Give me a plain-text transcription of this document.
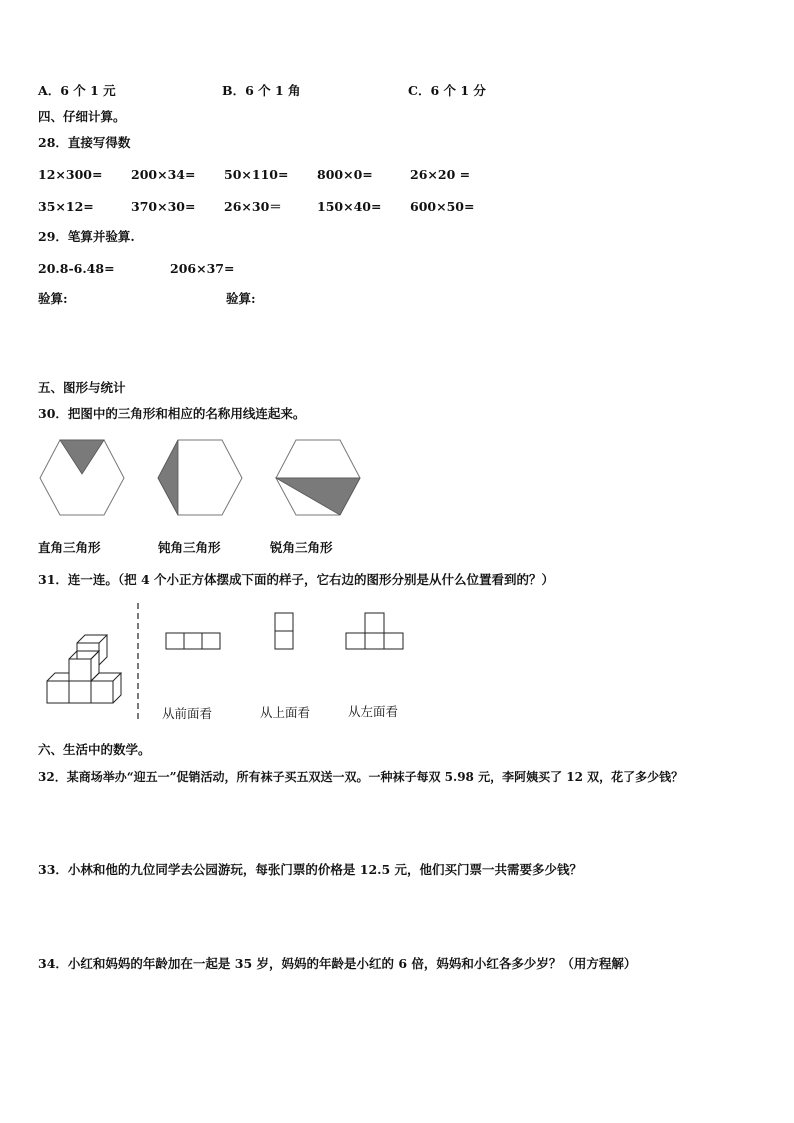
A．6 个 1 元	B．6 个 1 角	C．6 个 1 分
四、仔细计算。
28．直接写得数
12×300= 200×34= 50×110= 800×0=	26×20 =
35×12=	370×30= 26×30＝	150×40= 600×50=
29．笔算并验算.
20.8-6.48=	206×37=
验算:	验算:
五、图形与统计
30．把图中的三角形和相应的名称用线连起来。
直角三角形	钝角三角形	锐角三角形
31．连一连。（把 4 个小正方体摆成下面的样子，它右边的图形分别是从什么位置看到的？）
从前面看	从上面看	从左面看
六、生活中的数学。
32．某商场举办“迎五一”促销活动，所有袜子买五双送一双。一种袜子每双 5.98 元，李阿姨买了 12 双，花了多少钱？
33．小林和他的九位同学去公园游玩，每张门票的价格是 12.5 元，他们买门票一共需要多少钱？
34．小红和妈妈的年龄加在一起是 35 岁，妈妈的年龄是小红的 6 倍，妈妈和小红各多少岁？（用方程解）
